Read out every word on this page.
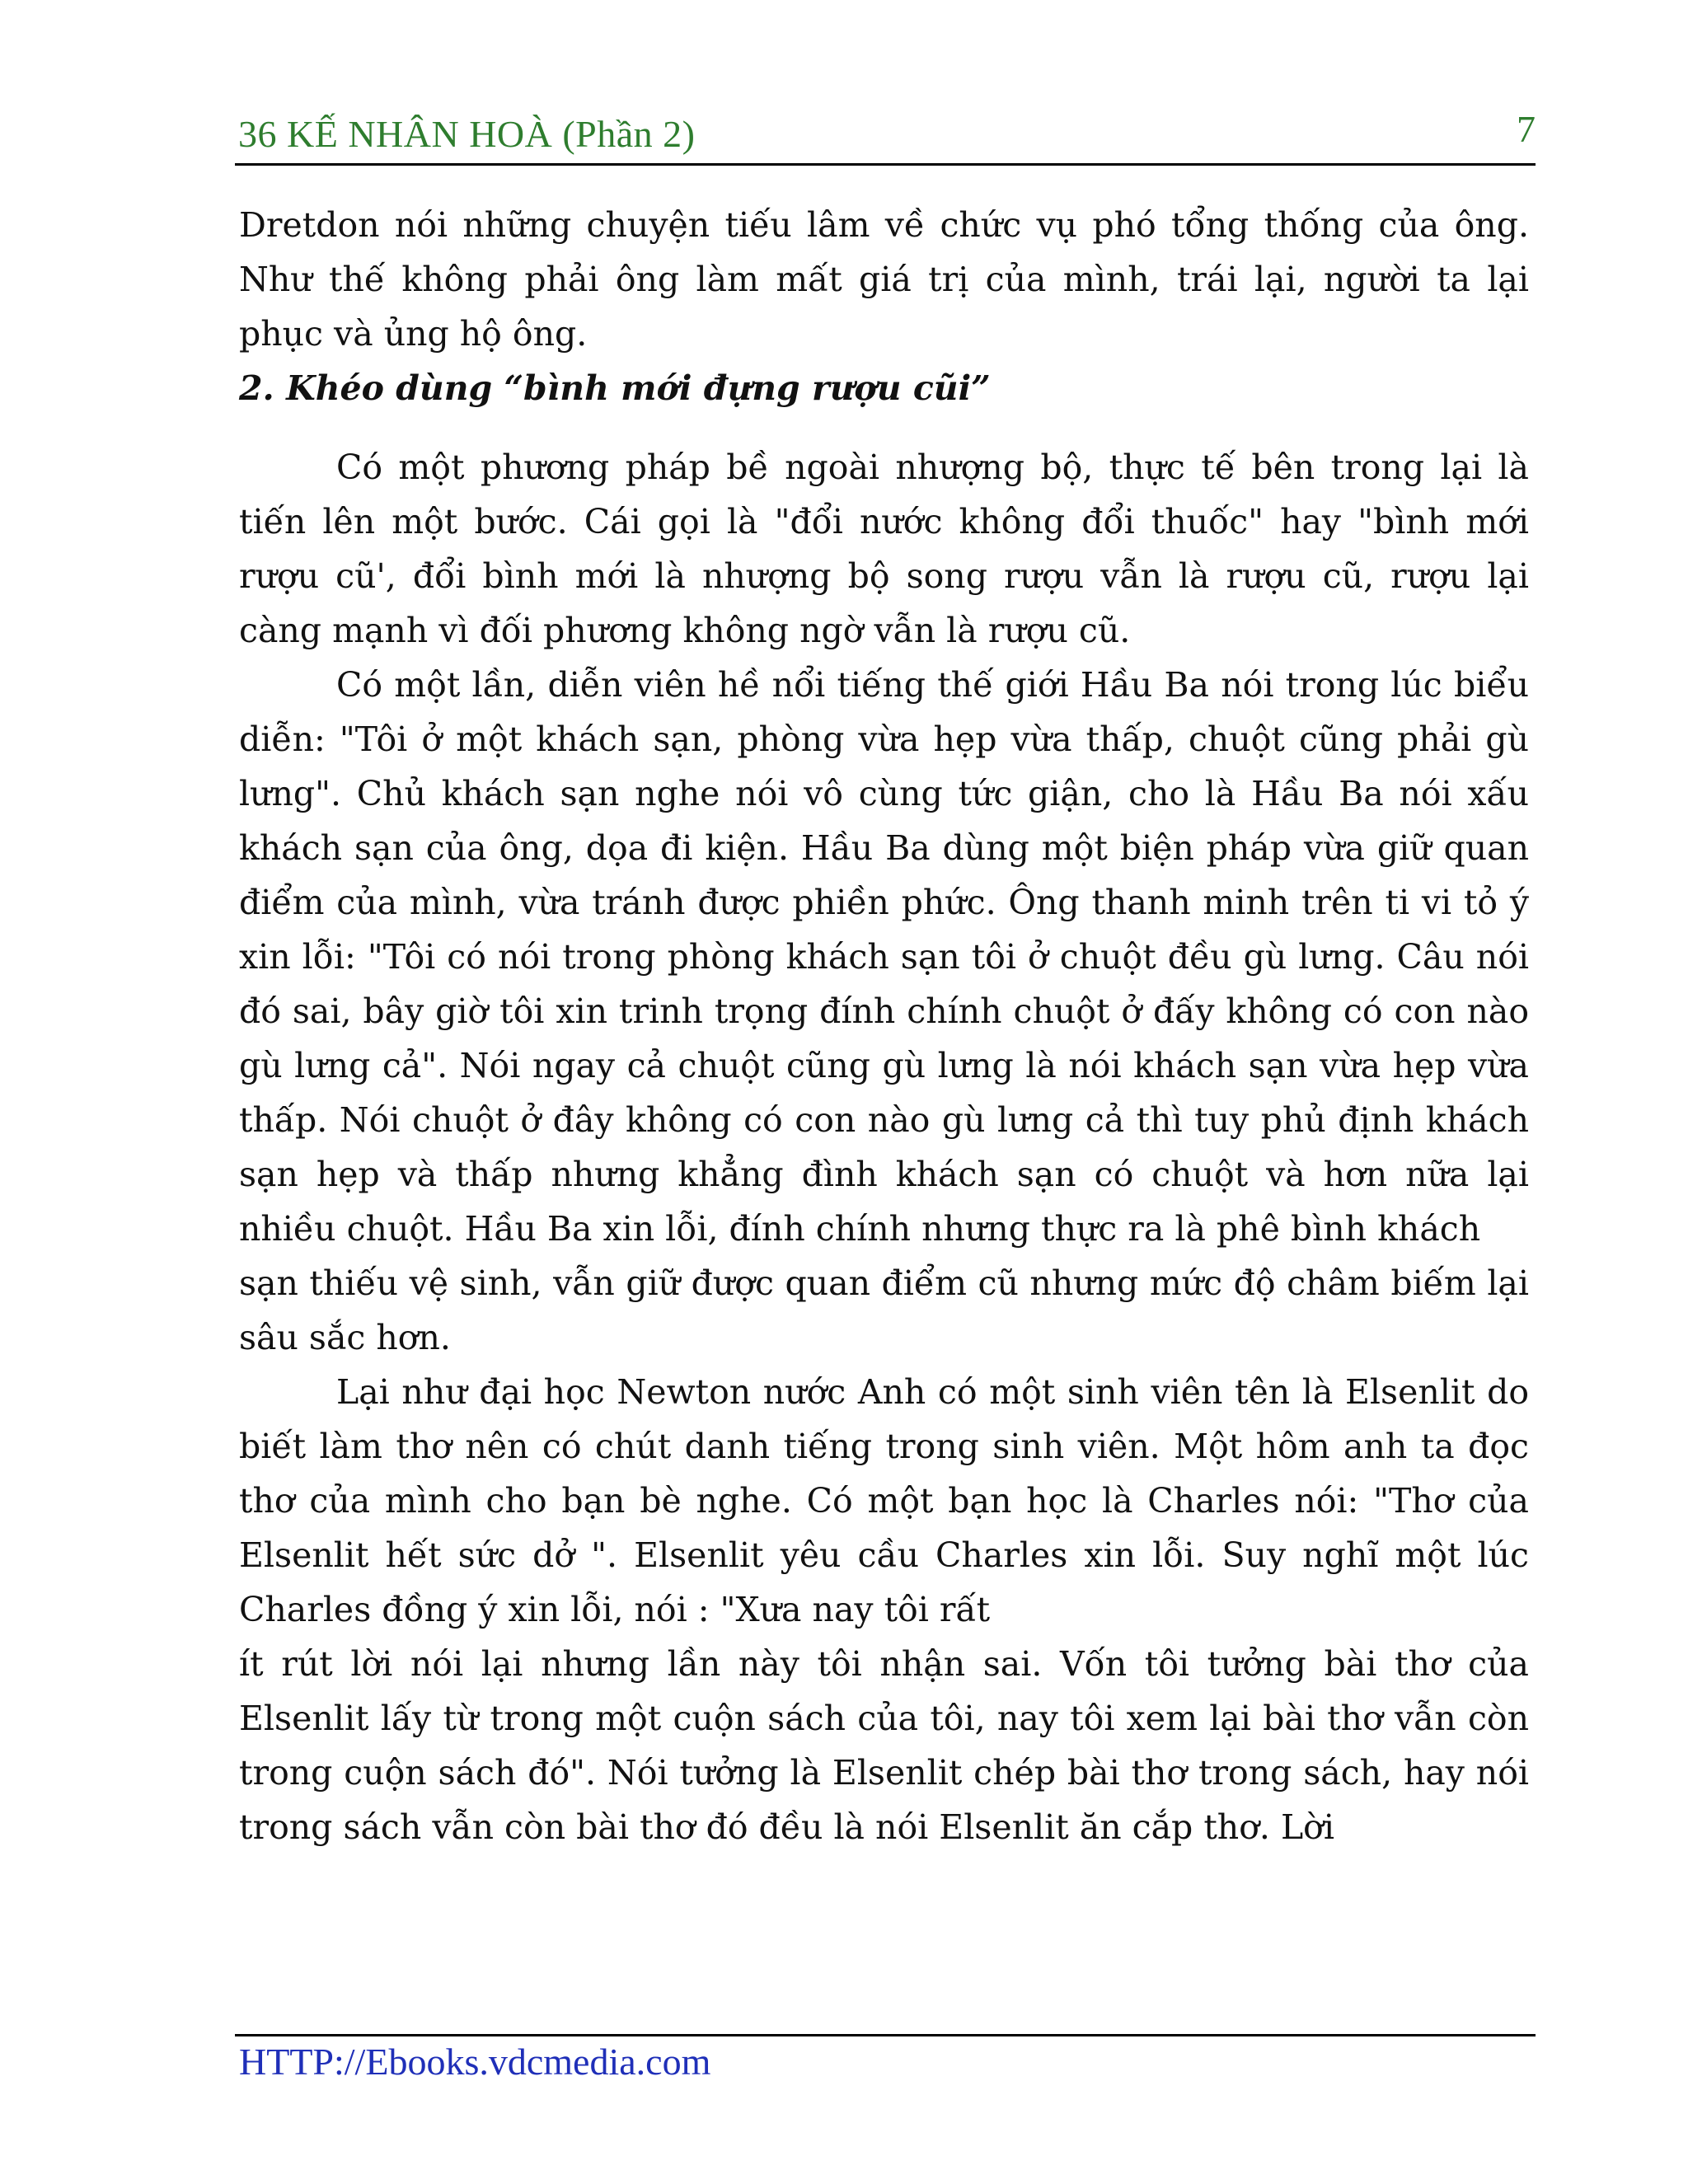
36 KẾ NHÂN HOÀ (Phần 2)	7

Dretdon nói những chuyện tiếu lâm về chức vụ phó tổng thống của ông. Như thế không phải ông làm mất giá trị của mình, trái lại, người ta lại phục và ủng hộ ông.

2. Khéo dùng “bình mới đựng rượu cũi”

Có một phương pháp bề ngoài nhượng bộ, thực tế bên trong lại là tiến lên một bước. Cái gọi là "đổi nước không đổi thuốc" hay "bình mới rượu cũ', đổi bình mới là nhượng bộ song rượu vẫn là rượu cũ, rượu lại càng mạnh vì đối phương không ngờ vẫn là rượu cũ.

Có một lần, diễn viên hề nổi tiếng thế giới Hầu Ba nói trong lúc biểu diễn: "Tôi ở một khách sạn, phòng vừa hẹp vừa thấp, chuột cũng phải gù lưng". Chủ khách sạn nghe nói vô cùng tức giận, cho là Hầu Ba nói xấu khách sạn của ông, dọa đi kiện. Hầu Ba dùng một biện pháp vừa giữ quan điểm của mình, vừa tránh được phiền phức. Ông thanh minh trên ti vi tỏ ý xin lỗi: "Tôi có nói trong phòng khách sạn tôi ở chuột đều gù lưng. Câu nói đó sai, bây giờ tôi xin trinh trọng đính chính chuột ở đấy không có con nào gù lưng cả". Nói ngay cả chuột cũng gù lưng là nói khách sạn vừa hẹp vừa thấp. Nói chuột ở đây không có con nào gù lưng cả thì tuy phủ định khách sạn hẹp và thấp nhưng khẳng đình khách sạn có chuột và hơn nữa lại nhiều chuột. Hầu Ba xin lỗi, đính chính nhưng thực ra là phê bình khách

sạn thiếu vệ sinh, vẫn giữ được quan điểm cũ nhưng mức độ châm biếm lại sâu sắc hơn.

Lại như đại học Newton nước Anh có một sinh viên tên là Elsenlit do biết làm thơ nên có chút danh tiếng trong sinh viên. Một hôm anh ta đọc thơ của mình cho bạn bè nghe. Có một bạn học là Charles nói: "Thơ của Elsenlit hết sức dở ". Elsenlit yêu cầu Charles xin lỗi. Suy nghĩ một lúc Charles đồng ý xin lỗi, nói : "Xưa nay tôi rất

ít rút lời nói lại nhưng lần này tôi nhận sai. Vốn tôi tưởng bài thơ của Elsenlit lấy từ trong một cuộn sách của tôi, nay tôi xem lại bài thơ vẫn còn trong cuộn sách đó". Nói tưởng là Elsenlit chép bài thơ trong sách, hay nói trong sách vẫn còn bài thơ đó đều là nói Elsenlit ăn cắp thơ. Lời

HTTP://Ebooks.vdcmedia.com
